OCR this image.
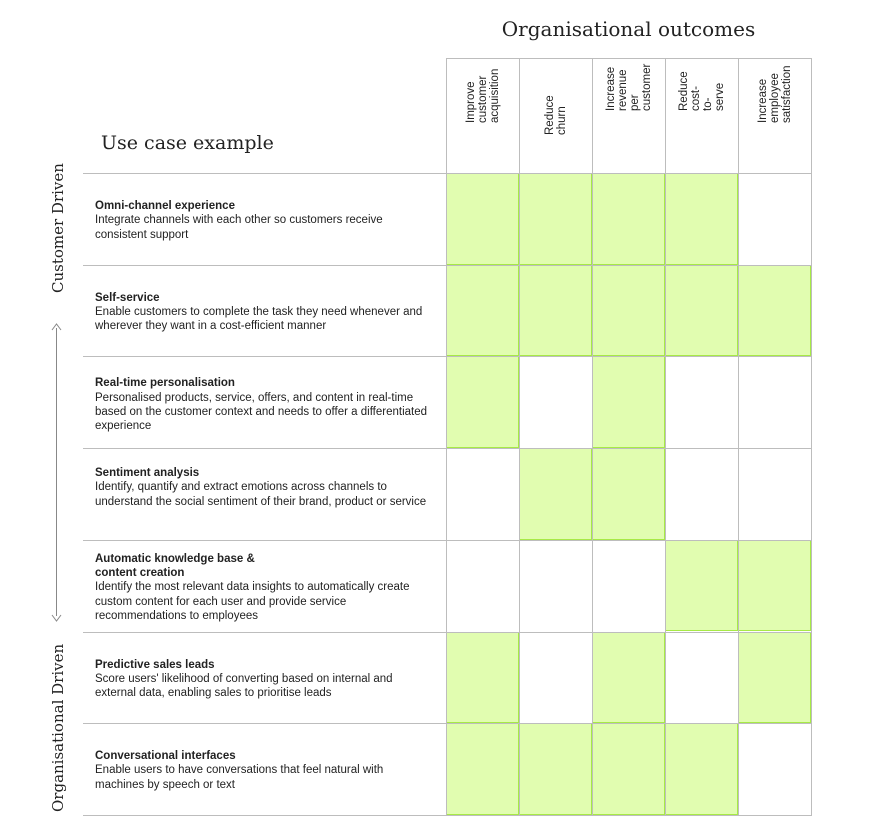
Organisational outcomes
Use case example
Customer Driven
Organisational Driven
Improve
customer
acquisition	Reduce churn
Increase
revenue per
customer Reduce cost-
to-serve	Increase
employee
satisfaction
Omni-channel experience
Integrate channels with each other so customers receive consistent support
Self-service
Enable customers to complete the task they need whenever and wherever they want in a cost-efficient manner
Real-time personalisation
Personalised products, service, offers, and content in real-time based on the customer context and needs to offer a differentiated experience
Sentiment analysis
Identify, quantify and extract emotions across channels to understand the social sentiment of their brand, product or service
Automatic knowledge base &
content creation
Identify the most relevant data insights to automatically create custom content for each user and provide service recommendations to employees
Predictive sales leads
Score users' likelihood of converting based on internal and external data, enabling sales to prioritise leads
Conversational interfaces
Enable users to have conversations that feel natural with machines by speech or text
